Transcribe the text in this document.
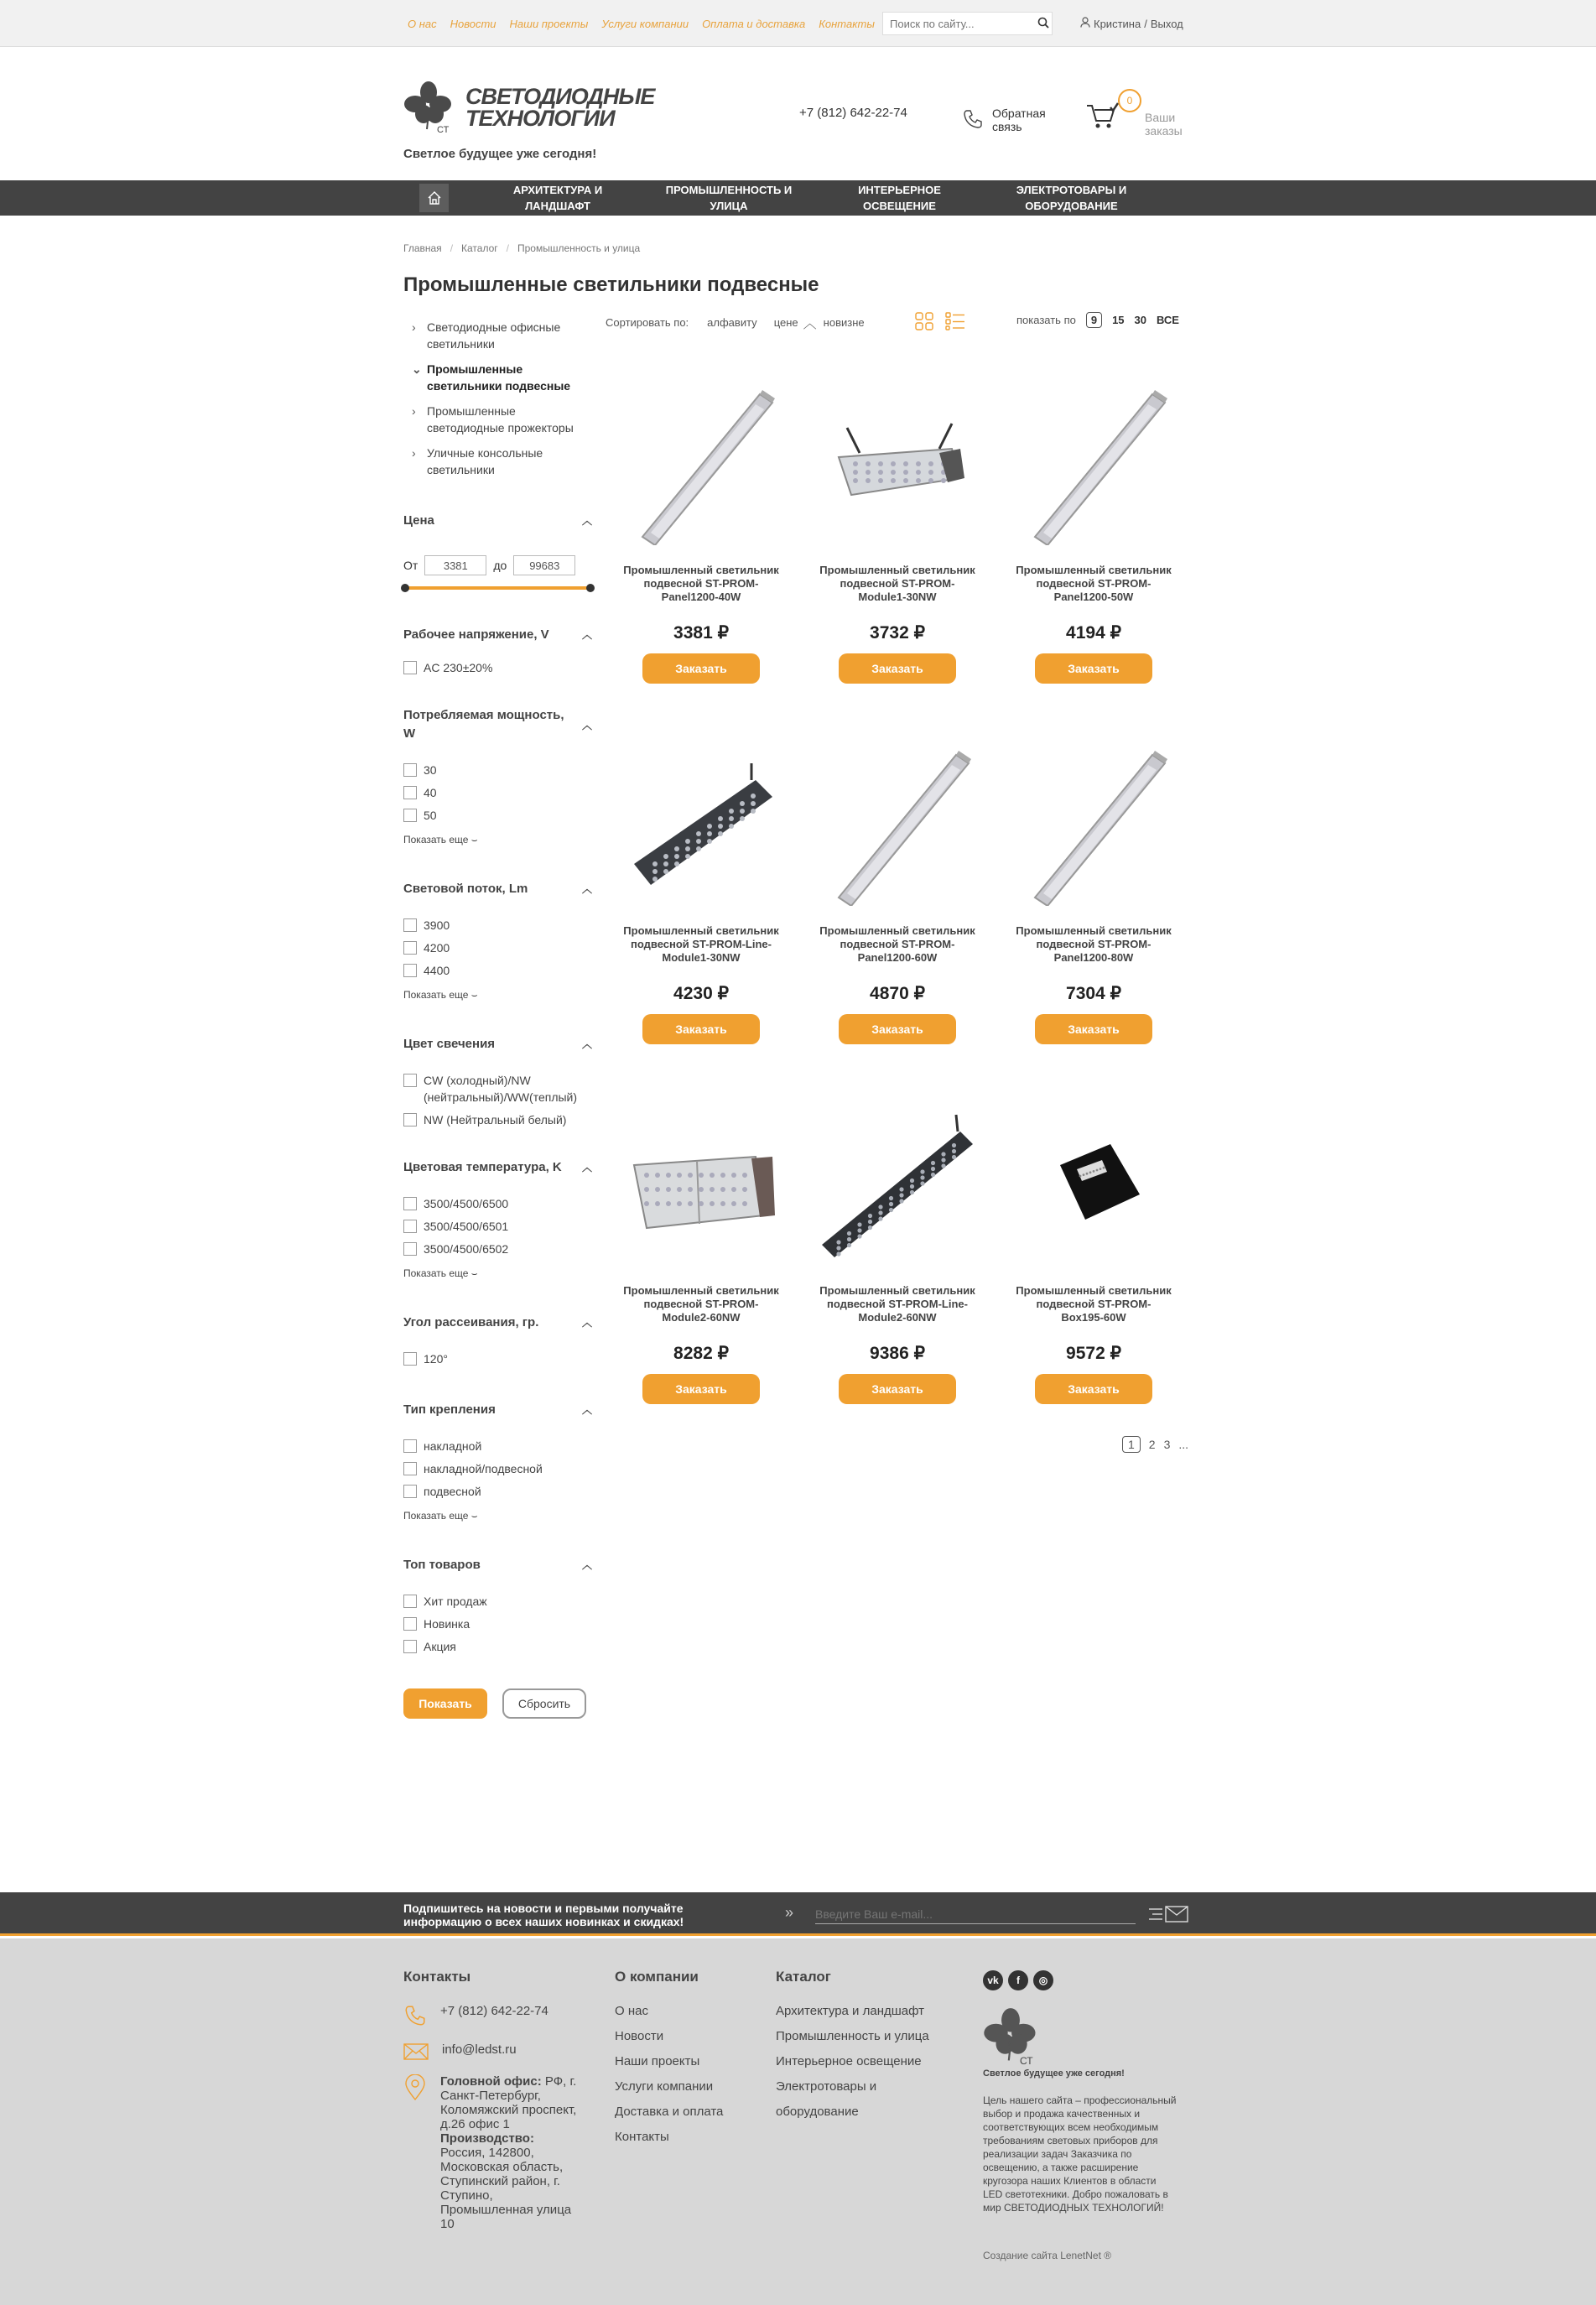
О нас Новости Наши проекты Услуги компании Оплата и доставка Контакты
Поиск по сайту...	Кристина / Выход
СТ
СВЕТОДИОДНЫЕ
ТЕХНОЛОГИИ
Светлое будущее уже сегодня!
+7 (812) 642-22-74	Обратная
связь
0
Ваши
заказы
АРХИТЕКТУРА И
ЛАНДШАФТ
ПРОМЫШЛЕННОСТЬ И
УЛИЦА
ИНТЕРЬЕРНОЕ
ОСВЕЩЕНИЕ
ЭЛЕКТРОТОВАРЫ И
ОБОРУДОВАНИЕ
Главная / Каталог / Промышленность и улица
Промышленные светильники подвесные
› Светодиодные офисные
светильники
⌄ Промышленные
светильники подвесные
› Промышленные
светодиодные прожекторы
› Уличные консольные
светильники
Цена	︿
От
3381	до
99683
Рабочее напряжение, V	︿
AC 230±20%
Потребляемая мощность,
W
︿
30
40
50
Показать еще ⌣
Световой поток, Lm	︿
3900
4200
4400
Показать еще ⌣
Цвет свечения	︿
CW (холодный)/NW (нейтральный)/WW(теплый)
NW (Нейтральный белый)
Цветовая температура, K ︿
3500/4500/6500
3500/4500/6501
3500/4500/6502
Показать еще ⌣
Угол рассеивания, гр.	︿
120°
Тип крепления	︿
накладной
накладной/подвесной
подвесной
Показать еще ⌣
Топ товаров	︿
Хит продаж
Новинка
Акция
Показать	Сбросить
Сортировать по: алфавиту цене ︿ новизне	показать по	9	15 30 ВСЕ
Промышленный светильник
подвесной ST-PROM-
Panel1200-40W
3381 ₽
Заказать
Промышленный светильник
подвесной ST-PROM-
Module1-30NW
3732 ₽
Заказать
Промышленный светильник
подвесной ST-PROM-
Panel1200-50W
4194 ₽
Заказать
Промышленный светильник
подвесной ST-PROM-Line-
Module1-30NW
4230 ₽
Заказать
Промышленный светильник
подвесной ST-PROM-
Panel1200-60W
4870 ₽
Заказать
Промышленный светильник
подвесной ST-PROM-
Panel1200-80W
7304 ₽
Заказать
Промышленный светильник
подвесной ST-PROM-
Module2-60NW
8282 ₽
Заказать
Промышленный светильник
подвесной ST-PROM-Line-
Module2-60NW
9386 ₽
Заказать
Промышленный светильник
подвесной ST-PROM-
Box195-60W
9572 ₽
Заказать
1	2 3 ...
Подпишитесь на новости и первыми получайте
информацию о всех наших новинках и скидках!
»
Введите Ваш e-mail...
Контакты
+7 (812) 642-22-74
info@ledst.ru
Головной офис: РФ, г. Санкт-Петербург, Коломяжский проспект, д.26 офис 1
Производство: Россия, 142800, Московская область, Ступинский район, г. Ступино, Промышленная улица 10
О компании
О нас
Новости
Наши проекты
Услуги компании
Доставка и оплата
Контакты
Каталог
Архитектура и ландшафт
Промышленность и улица
Интерьерное освещение
Электротовары и
оборудование
vk	f	◎
СТ
Светлое будущее уже сегодня!
Цель нашего сайта – профессиональный выбор и продажа качественных и соответствующих всем необходимым требованиям световых приборов для реализации задач Заказчика по освещению, а также расширение кругозора наших Клиентов в области LED светотехники. Добро пожаловать в мир СВЕТОДИОДНЫХ ТЕХНОЛОГИЙ!
Создание сайта LenetNet ®
